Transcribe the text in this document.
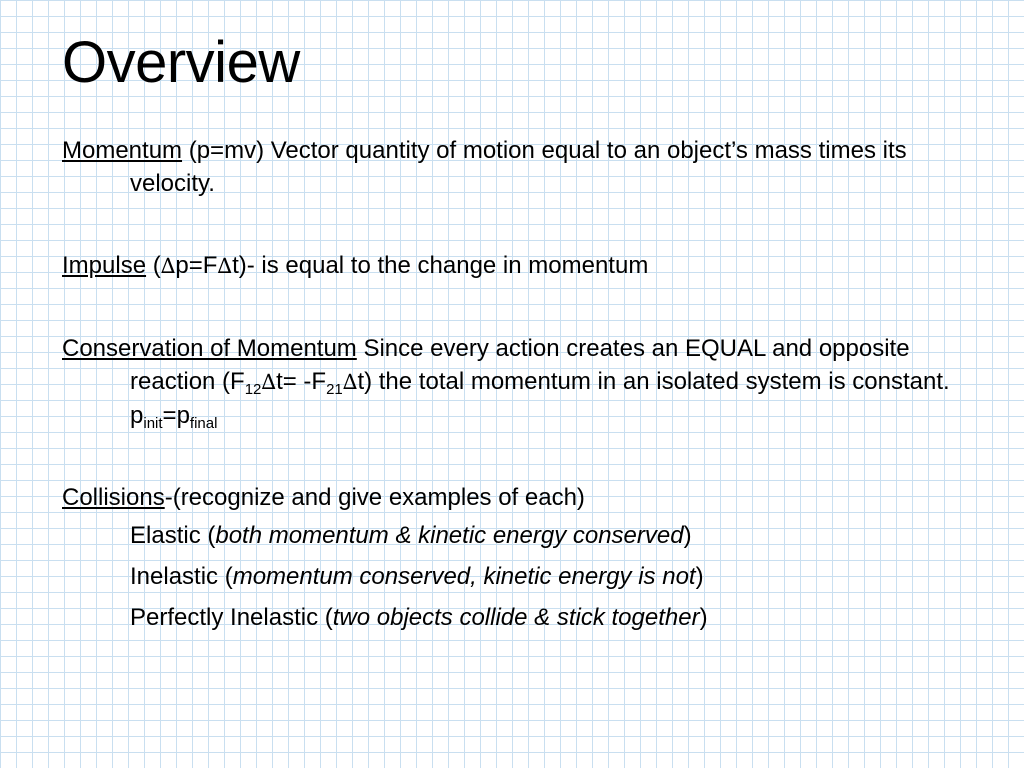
Overview

Momentum (p=mv) Vector quantity of motion equal to an object’s mass times its velocity.

Impulse (∆p=F∆t)- is equal to the change in momentum

Conservation of Momentum Since every action creates an EQUAL and opposite reaction $(F_{12}\Delta t= -F_{21}\Delta t)$ the total momentum in an isolated system is constant. $p_{init}=p_{final}$

Collisions-(recognize and give examples of each)

Elastic (both momentum & kinetic energy conserved)

Inelastic (momentum conserved, kinetic energy is not)

Perfectly Inelastic (two objects collide & stick together)
